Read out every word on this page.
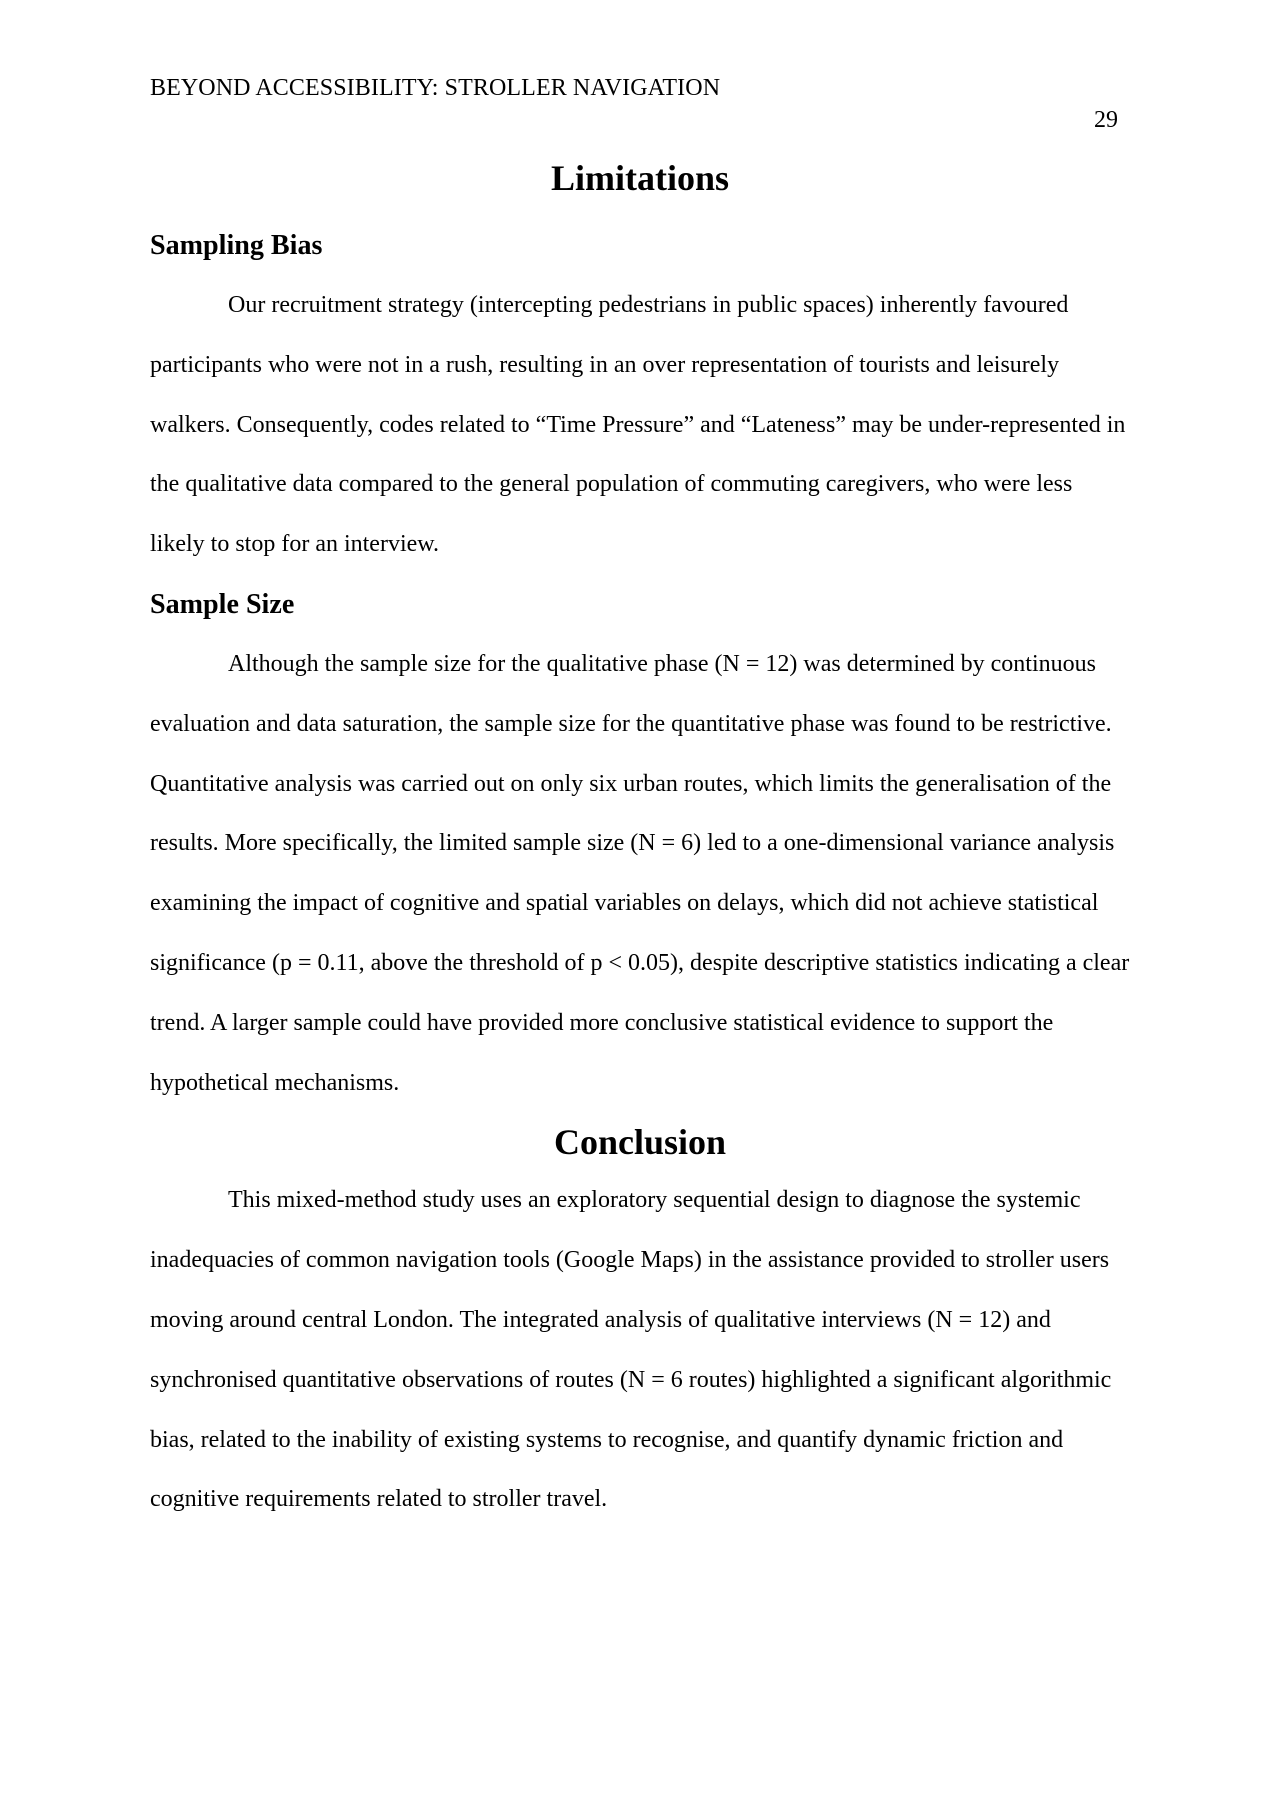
BEYOND ACCESSIBILITY: STROLLER NAVIGATION
29
Limitations
Sampling Bias

Our recruitment strategy (intercepting pedestrians in public spaces) inherently favoured participants who were not in a rush, resulting in an over representation of tourists and leisurely walkers. Consequently, codes related to “Time Pressure” and “Lateness” may be under-represented in the qualitative data compared to the general population of commuting caregivers, who were less likely to stop for an interview.

Sample Size

Although the sample size for the qualitative phase (N = 12) was determined by continuous evaluation and data saturation, the sample size for the quantitative phase was found to be restrictive. Quantitative analysis was carried out on only six urban routes, which limits the generalisation of the results. More specifically, the limited sample size (N = 6) led to a one-dimensional variance analysis examining the impact of cognitive and spatial variables on delays, which did not achieve statistical significance (p = 0.11, above the threshold of p < 0.05), despite descriptive statistics indicating a clear trend. A larger sample could have provided more conclusive statistical evidence to support the hypothetical mechanisms.

Conclusion

This mixed-method study uses an exploratory sequential design to diagnose the systemic inadequacies of common navigation tools (Google Maps) in the assistance provided to stroller users moving around central London. The integrated analysis of qualitative interviews (N = 12) and synchronised quantitative observations of routes (N = 6 routes) highlighted a significant algorithmic bias, related to the inability of existing systems to recognise, and quantify dynamic friction and cognitive requirements related to stroller travel.
